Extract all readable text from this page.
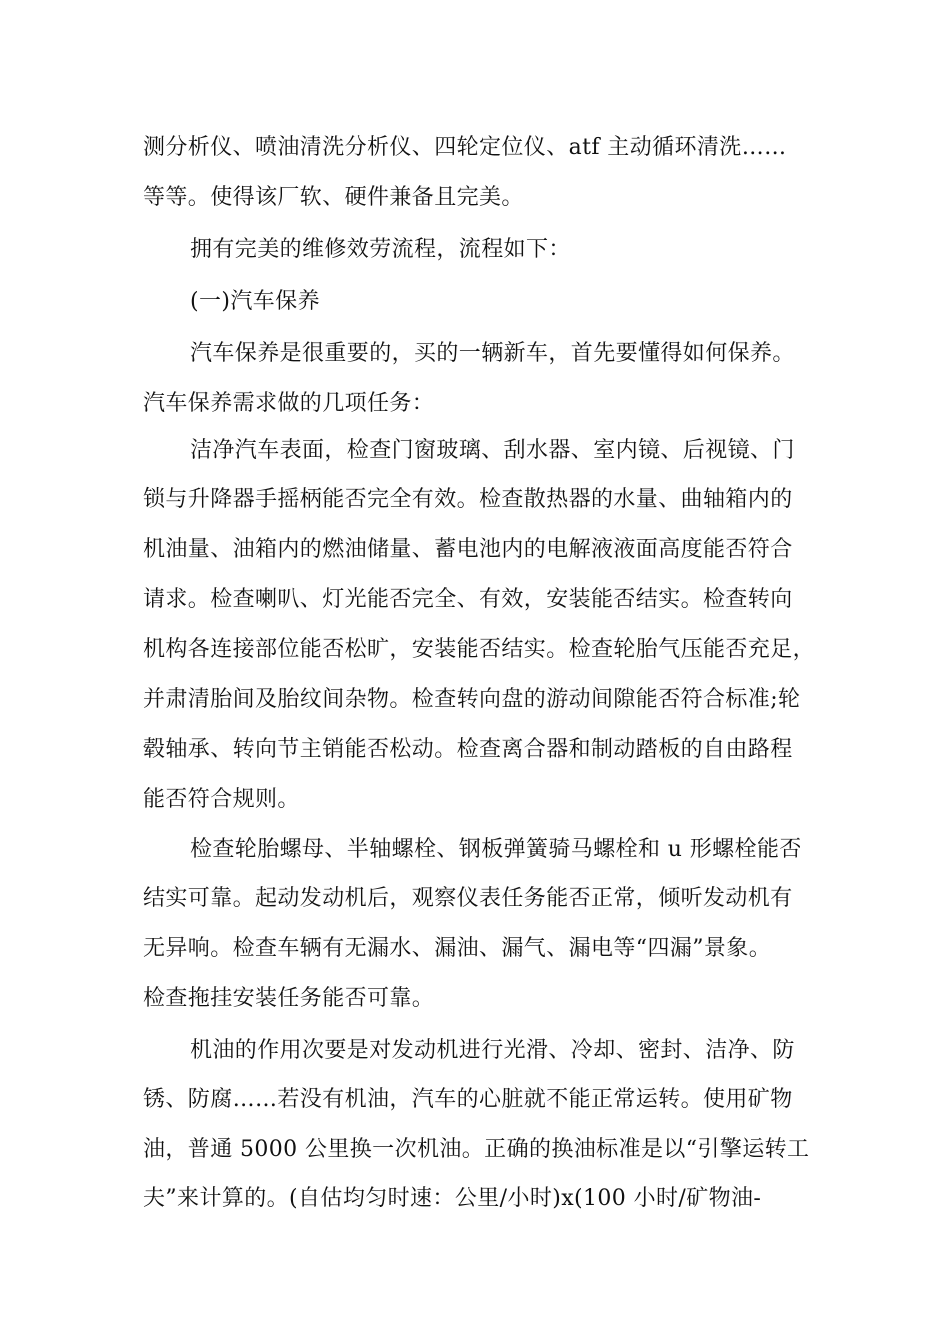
测分析仪、喷油清洗分析仪、四轮定位仪、atf 主动循环清洗……
等等。使得该厂软、硬件兼备且完美。
拥有完美的维修效劳流程，流程如下：
(一)汽车保养
汽车保养是很重要的，买的一辆新车，首先要懂得如何保养。
汽车保养需求做的几项任务：
洁净汽车表面，检查门窗玻璃、刮水器、室内镜、后视镜、门
锁与升降器手摇柄能否完全有效。检查散热器的水量、曲轴箱内的
机油量、油箱内的燃油储量、蓄电池内的电解液液面高度能否符合
请求。检查喇叭、灯光能否完全、有效，安装能否结实。检查转向
机构各连接部位能否松旷，安装能否结实。检查轮胎气压能否充足，
并肃清胎间及胎纹间杂物。检查转向盘的游动间隙能否符合标准;轮
毂轴承、转向节主销能否松动。检查离合器和制动踏板的自由路程
能否符合规则。
检查轮胎螺母、半轴螺栓、钢板弹簧骑马螺栓和 u 形螺栓能否
结实可靠。起动发动机后，观察仪表任务能否正常，倾听发动机有
无异响。检查车辆有无漏水、漏油、漏气、漏电等“四漏”景象。
检查拖挂安装任务能否可靠。
机油的作用次要是对发动机进行光滑、冷却、密封、洁净、防
锈、防腐……若没有机油，汽车的心脏就不能正常运转。使用矿物
油，普通 5000 公里换一次机油。正确的换油标准是以“引擎运转工
夫”来计算的。(自估均匀时速：公里/小时)x(100 小时/矿物油-
